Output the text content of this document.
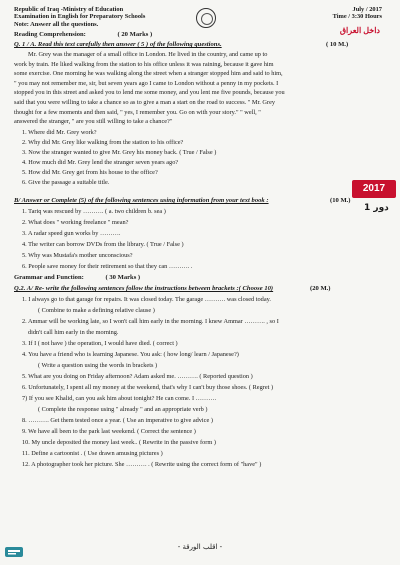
Republic of Iraq -Ministry of Education
Examination in English for Preparatory Schools
Note: Answer all the questions.
July / 2017
Time / 3:30 Hours
داخل العراق
Reading Comprehension:	( 20 Marks )
Q. 1 / A. Read this text carefully then answer ( 5 ) of the following questions.	( 10 M.)
Mr. Grey was the manager of a small office in London. He lived in the country, and came up to
work by train. He liked walking from the station to his office unless it was raining, because it gave him
some exercise. One morning he was walking along the street when a stranger stopped him and said to him,
" you may not remember me, sir, but seven years ago I came to London without a penny in my pockets. I
stopped you in this street and asked you to lend me some money, and you lent me five pounds, because you
said that you were willing to take a chance so as to give a man a start on the road to success. " Mr. Grey
thought for a few moments and then said, " yes, I remember you. Go on with your story." " well, "
answered the stranger, " are you still willing to take a chance?"
1. Where did Mr. Grey work?
2. Why did Mr. Grey like walking from the station to his office?
3. Now the stranger wanted to give Mr. Grey his money back. ( True / False )
4. How much did Mr. Grey lend the stranger seven years ago?
5. How did Mr. Grey get from his house to the office?
6. Give the passage a suitable title.
2017
دور 1
B/ Answer or Complete (5) of the following sentences using information from your text book :	(10 M.)
1. Tariq was rescued by ………. ( a. two children b. sea )
2. What does " working freelance " mean?
3. A radar speed gun works by ……….
4. The writer can borrow DVDs from the library. ( True / False )
5. Why was Mustafa's mother unconscious?
6. People save money for their retirement so that they can ………. .
Grammar and Function:	( 30 Marks )
Q.2. A/ Re- write the following sentences follow the instructions between brackets :( Choose 10)	(20 M.)
1. I always go to that garage for repairs. It was closed today. The garage ………. was closed today.
( Combine to make a defining relative clause )
2. Ammar will be working late, so I won't call him early in the morning. I knew Ammar ………. , so I
didn't call him early in the morning.
3. If I ( not have ) the operation, I would have died. ( correct )
4. You have a friend who is learning Japanese. You ask: ( how long/ learn / Japanese?)
( Write a question using the words in brackets )
5. What are you doing on Friday afternoon? Adam asked me. ………. ( Reported question )
6. Unfortunately, I spent all my money at the weekend, that's why I can't buy those shoes. ( Regret )
7) If you see Khalid, can you ask him about tonight? He can come. I ……….
( Complete the response using " already " and an appropriate verb )
8. ………. Get them tested once a year. ( Use an imperative to give advice )
9. We have all been to the park last weekend. ( Correct the sentence )
10. My uncle deposited the money last week.. ( Rewrite in the passive form )
11. Define a cartoonist . ( Use drawn amusing pictures )
12. A photographer took her picture. She ………. . ( Rewrite using the correct form of "have" )
- اقلب الورقة -
